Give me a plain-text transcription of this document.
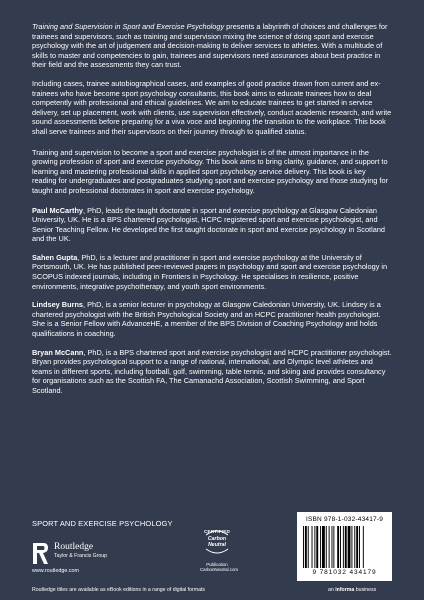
Training and Supervision in Sport and Exercise Psychology presents a labyrinth of choices and challenges for trainees and supervisors, such as training and supervision mixing the science of doing sport and exercise psychology with the art of judgement and decision-making to deliver services to athletes. With a multitude of skills to master and competencies to gain, trainees and supervisors need assurances about best practice in their field and the assessments they can trust.

Including cases, trainee autobiographical cases, and examples of good practice drawn from current and ex-trainees who have become sport psychology consultants, this book aims to educate trainees how to deal competently with professional and ethical guidelines. We aim to educate trainees to get started in service delivery, set up placement, work with clients, use supervision effectively, conduct academic research, and write sound assessments before preparing for a viva voce and beginning the transition to the workplace. This book shall serve trainees and their supervisors on their journey through to qualified status.

Training and supervision to become a sport and exercise psychologist is of the utmost importance in the growing profession of sport and exercise psychology. This book aims to bring clarity, guidance, and support to learning and mastering professional skills in applied sport psychology service delivery. This book is key reading for undergraduates and postgraduates studying sport and exercise psychology and those studying for taught and professional doctorates in sport and exercise psychology.

Paul McCarthy, PhD, leads the taught doctorate in sport and exercise psychology at Glasgow Caledonian University, UK. He is a BPS chartered psychologist, HCPC registered sport and exercise psychologist, and Senior Teaching Fellow. He developed the first taught doctorate in sport and exercise psychology in Scotland and the UK.

Sahen Gupta, PhD, is a lecturer and practitioner in sport and exercise psychology at the University of Portsmouth, UK. He has published peer-reviewed papers in psychology and sport and exercise psychology in SCOPUS indexed journals, including in Frontiers in Psychology. He specialises in resilience, positive environments, integrative psychotherapy, and youth sport environments.

Lindsey Burns, PhD, is a senior lecturer in psychology at Glasgow Caledonian University, UK. Lindsey is a chartered psychologist with the British Psychological Society and an HCPC practitioner health psychologist. She is a Senior Fellow with AdvanceHE, a member of the BPS Division of Coaching Psychology and holds qualifications in coaching.

Bryan McCann, PhD, is a BPS chartered sport and exercise psychologist and HCPC practitioner psychologist. Bryan provides psychological support to a range of national, international, and Olympic level athletes and teams in different sports, including football, golf, swimming, table tennis, and skiing and provides consultancy for organisations such as the Scottish FA, The Camanachd Association, Scottish Swimming, and Sport Scotland.

SPORT AND EXERCISE PSYCHOLOGY
Routledge
Taylor & Francis Group
www.routledge.com
Routledge titles are available as eBook editions in a range of digital formats
CERTIFIED
Carbon
Neutral
Publication
CarbonNeutral.com
ISBN 978-1-032-43417-9
9 781032 434179
an informa business
